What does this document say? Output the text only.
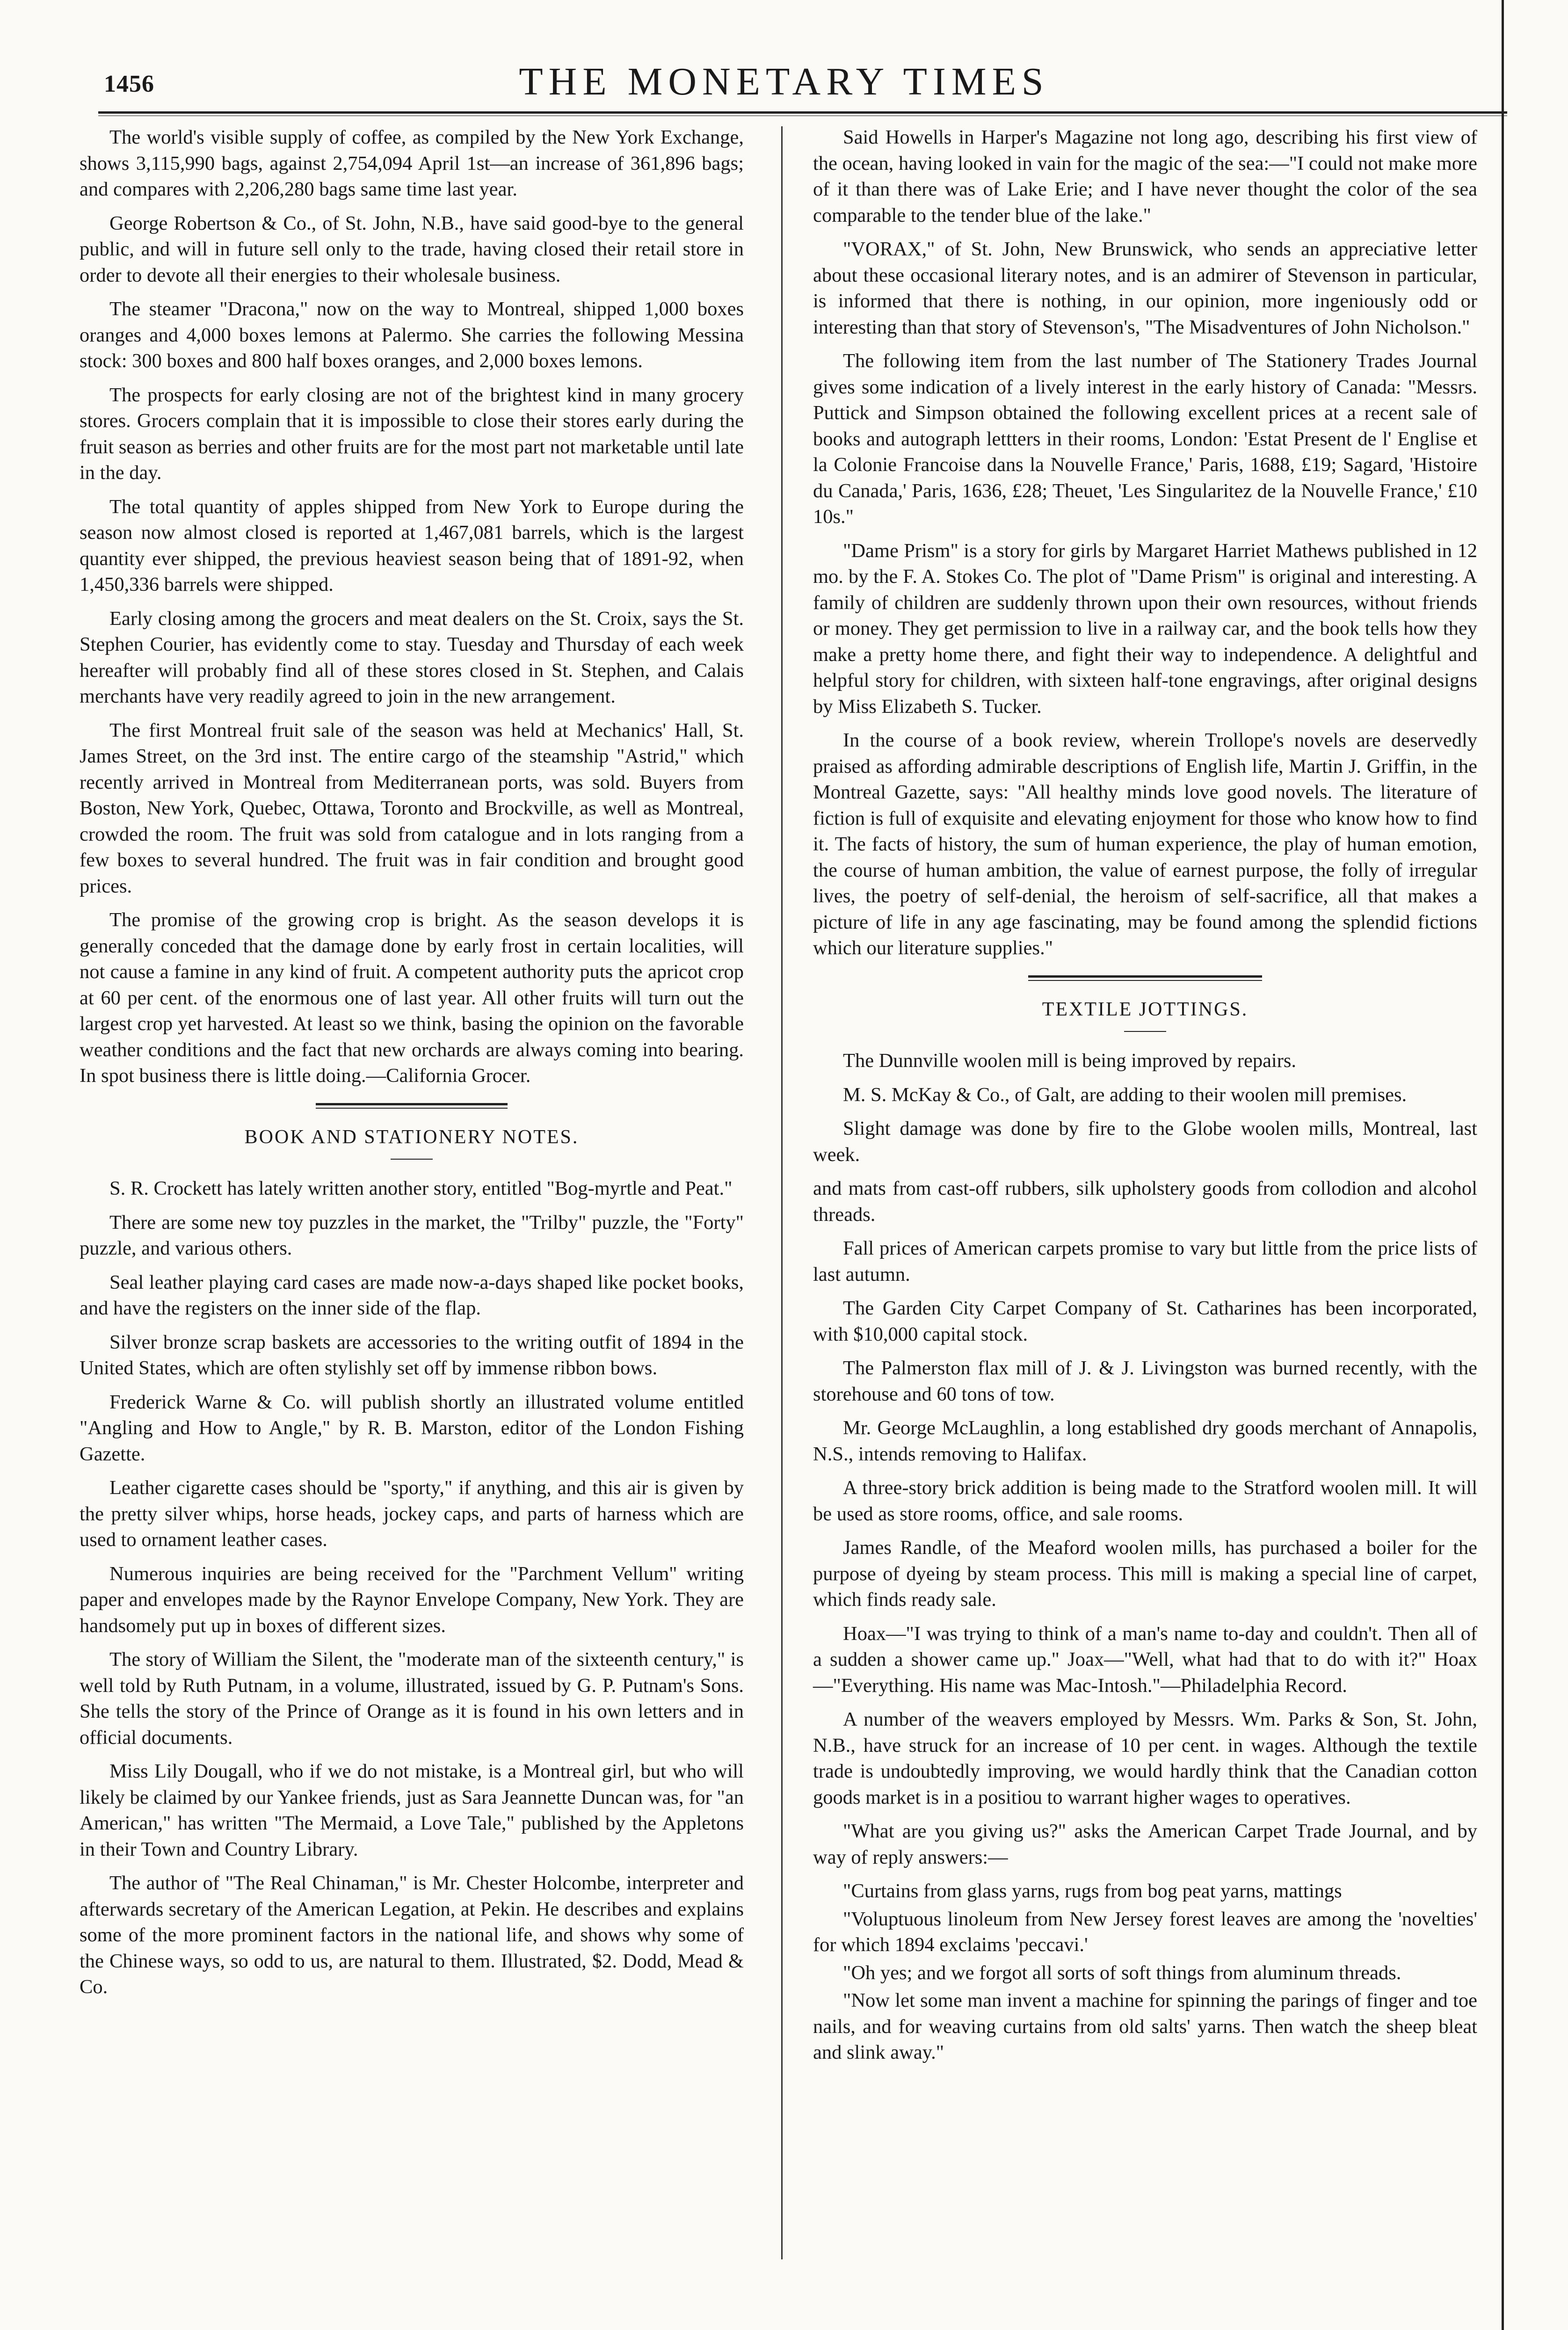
1456	THE MONETARY TIMES

The world's visible supply of coffee, as compiled by the New York Exchange, shows 3,115,990 bags, against 2,754,094 April 1st—an increase of 361,896 bags; and compares with 2,206,280 bags same time last year.

George Robertson & Co., of St. John, N.B., have said good-bye to the general public, and will in future sell only to the trade, having closed their retail store in order to devote all their energies to their wholesale business.

The steamer "Dracona," now on the way to Montreal, shipped 1,000 boxes oranges and 4,000 boxes lemons at Palermo. She carries the following Messina stock: 300 boxes and 800 half boxes oranges, and 2,000 boxes lemons.

The prospects for early closing are not of the brightest kind in many grocery stores. Grocers complain that it is impossible to close their stores early during the fruit season as berries and other fruits are for the most part not marketable until late in the day.

The total quantity of apples shipped from New York to Europe during the season now almost closed is reported at 1,467,081 barrels, which is the largest quantity ever shipped, the previous heaviest season being that of 1891-92, when 1,450,336 barrels were shipped.

Early closing among the grocers and meat dealers on the St. Croix, says the St. Stephen Courier, has evidently come to stay. Tuesday and Thursday of each week hereafter will probably find all of these stores closed in St. Stephen, and Calais merchants have very readily agreed to join in the new arrangement.

The first Montreal fruit sale of the season was held at Mechanics' Hall, St. James Street, on the 3rd inst. The entire cargo of the steamship "Astrid," which recently arrived in Montreal from Mediterranean ports, was sold. Buyers from Boston, New York, Quebec, Ottawa, Toronto and Brockville, as well as Montreal, crowded the room. The fruit was sold from catalogue and in lots ranging from a few boxes to several hundred. The fruit was in fair condition and brought good prices.

The promise of the growing crop is bright. As the season develops it is generally conceded that the damage done by early frost in certain localities, will not cause a famine in any kind of fruit. A competent authority puts the apricot crop at 60 per cent. of the enormous one of last year. All other fruits will turn out the largest crop yet harvested. At least so we think, basing the opinion on the favorable weather conditions and the fact that new orchards are always coming into bearing. In spot business there is little doing.—California Grocer.

BOOK AND STATIONERY NOTES.

S. R. Crockett has lately written another story, entitled "Bog-myrtle and Peat."

There are some new toy puzzles in the market, the "Trilby" puzzle, the "Forty" puzzle, and various others.

Seal leather playing card cases are made now-a-days shaped like pocket books, and have the registers on the inner side of the flap.

Silver bronze scrap baskets are accessories to the writing outfit of 1894 in the United States, which are often stylishly set off by immense ribbon bows.

Frederick Warne & Co. will publish shortly an illustrated volume entitled "Angling and How to Angle," by R. B. Marston, editor of the London Fishing Gazette.

Leather cigarette cases should be "sporty," if anything, and this air is given by the pretty silver whips, horse heads, jockey caps, and parts of harness which are used to ornament leather cases.

Numerous inquiries are being received for the "Parchment Vellum" writing paper and envelopes made by the Raynor Envelope Company, New York. They are handsomely put up in boxes of different sizes.

The story of William the Silent, the "moderate man of the sixteenth century," is well told by Ruth Putnam, in a volume, illustrated, issued by G. P. Putnam's Sons. She tells the story of the Prince of Orange as it is found in his own letters and in official documents.

Miss Lily Dougall, who if we do not mistake, is a Montreal girl, but who will likely be claimed by our Yankee friends, just as Sara Jeannette Duncan was, for "an American," has written "The Mermaid, a Love Tale," published by the Appletons in their Town and Country Library.

The author of "The Real Chinaman," is Mr. Chester Holcombe, interpreter and afterwards secretary of the American Legation, at Pekin. He describes and explains some of the more prominent factors in the national life, and shows why some of the Chinese ways, so odd to us, are natural to them. Illustrated, $2. Dodd, Mead & Co.

Said Howells in Harper's Magazine not long ago, describing his first view of the ocean, having looked in vain for the magic of the sea:—"I could not make more of it than there was of Lake Erie; and I have never thought the color of the sea comparable to the tender blue of the lake."

"VORAX," of St. John, New Brunswick, who sends an appreciative letter about these occasional literary notes, and is an admirer of Stevenson in particular, is informed that there is nothing, in our opinion, more ingeniously odd or interesting than that story of Stevenson's, "The Misadventures of John Nicholson."

The following item from the last number of The Stationery Trades Journal gives some indication of a lively interest in the early history of Canada: "Messrs. Puttick and Simpson obtained the following excellent prices at a recent sale of books and autograph lettters in their rooms, London: 'Estat Present de l' Englise et la Colonie Francoise dans la Nouvelle France,' Paris, 1688, £19; Sagard, 'Histoire du Canada,' Paris, 1636, £28; Theuet, 'Les Singularitez de la Nouvelle France,' £10 10s."

"Dame Prism" is a story for girls by Margaret Harriet Mathews published in 12 mo. by the F. A. Stokes Co. The plot of "Dame Prism" is original and interesting. A family of children are suddenly thrown upon their own resources, without friends or money. They get permission to live in a railway car, and the book tells how they make a pretty home there, and fight their way to independence. A delightful and helpful story for children, with sixteen half-tone engravings, after original designs by Miss Elizabeth S. Tucker.

In the course of a book review, wherein Trollope's novels are deservedly praised as affording admirable descriptions of English life, Martin J. Griffin, in the Montreal Gazette, says: "All healthy minds love good novels. The literature of fiction is full of exquisite and elevating enjoyment for those who know how to find it. The facts of history, the sum of human experience, the play of human emotion, the course of human ambition, the value of earnest purpose, the folly of irregular lives, the poetry of self-denial, the heroism of self-sacrifice, all that makes a picture of life in any age fascinating, may be found among the splendid fictions which our literature supplies."

TEXTILE JOTTINGS.

The Dunnville woolen mill is being improved by repairs.

M. S. McKay & Co., of Galt, are adding to their woolen mill premises.

Slight damage was done by fire to the Globe woolen mills, Montreal, last week.

and mats from cast-off rubbers, silk upholstery goods from collodion and alcohol threads.

Fall prices of American carpets promise to vary but little from the price lists of last autumn.

The Garden City Carpet Company of St. Catharines has been incorporated, with $10,000 capital stock.

The Palmerston flax mill of J. & J. Livingston was burned recently, with the storehouse and 60 tons of tow.

Mr. George McLaughlin, a long established dry goods merchant of Annapolis, N.S., intends removing to Halifax.

A three-story brick addition is being made to the Stratford woolen mill. It will be used as store rooms, office, and sale rooms.

James Randle, of the Meaford woolen mills, has purchased a boiler for the purpose of dyeing by steam process. This mill is making a special line of carpet, which finds ready sale.

Hoax—"I was trying to think of a man's name to-day and couldn't. Then all of a sudden a shower came up." Joax—"Well, what had that to do with it?" Hoax—"Everything. His name was Mac-Intosh."—Philadelphia Record.

A number of the weavers employed by Messrs. Wm. Parks & Son, St. John, N.B., have struck for an increase of 10 per cent. in wages. Although the textile trade is undoubtedly improving, we would hardly think that the Canadian cotton goods market is in a positiou to warrant higher wages to operatives.

"What are you giving us?" asks the American Carpet Trade Journal, and by way of reply answers:—

"Curtains from glass yarns, rugs from bog peat yarns, mattings

"Voluptuous linoleum from New Jersey forest leaves are among the 'novelties' for which 1894 exclaims 'peccavi.'

"Oh yes; and we forgot all sorts of soft things from aluminum threads.

"Now let some man invent a machine for spinning the parings of finger and toe nails, and for weaving curtains from old salts' yarns. Then watch the sheep bleat and slink away."
